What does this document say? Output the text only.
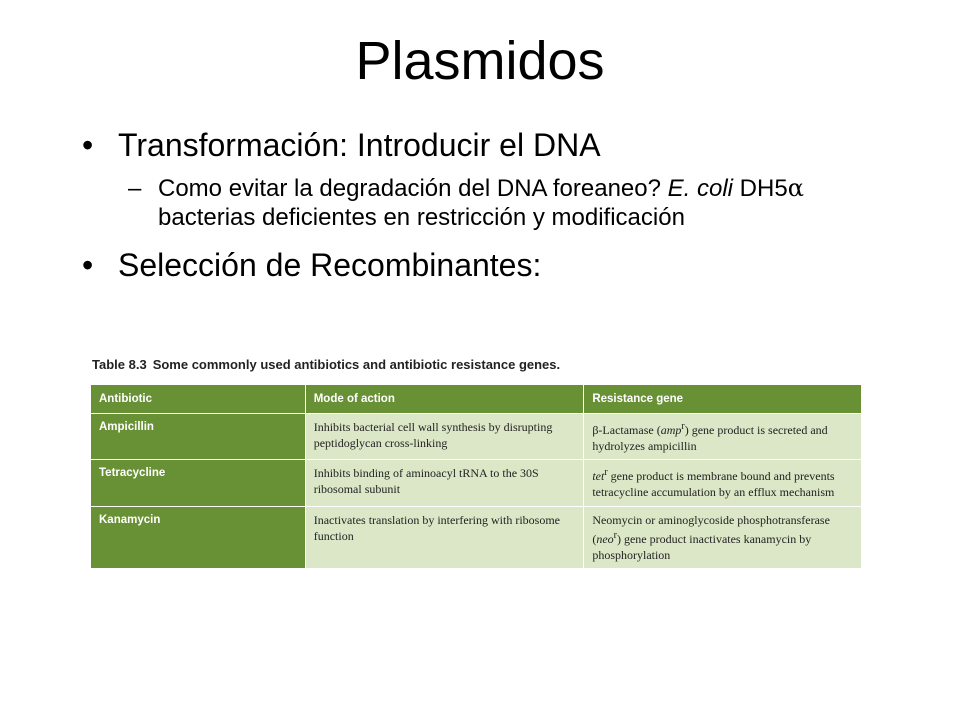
Plasmidos
• Transformación: Introducir el DNA
– Como evitar la degradación del DNA foreaneo? E. coli DH5α bacterias deficientes en restricción y modificación
• Selección de Recombinantes:
Table 8.3 Some commonly used antibiotics and antibiotic resistance genes.
Antibiotic	Mode of action	Resistance gene
Ampicillin	Inhibits bacterial cell wall synthesis by disrupting peptidoglycan cross-linking	β-Lactamase (amp$^r$) gene product is secreted and hydrolyzes ampicillin
Tetracycline	Inhibits binding of aminoacyl tRNA to the 30S ribosomal subunit	tet$^r$ gene product is membrane bound and prevents tetracycline accumulation by an efflux mechanism
Kanamycin	Inactivates translation by interfering with ribosome function	Neomycin or aminoglycoside phosphotransferase (neo$^r$) gene product inactivates kanamycin by phosphorylation
